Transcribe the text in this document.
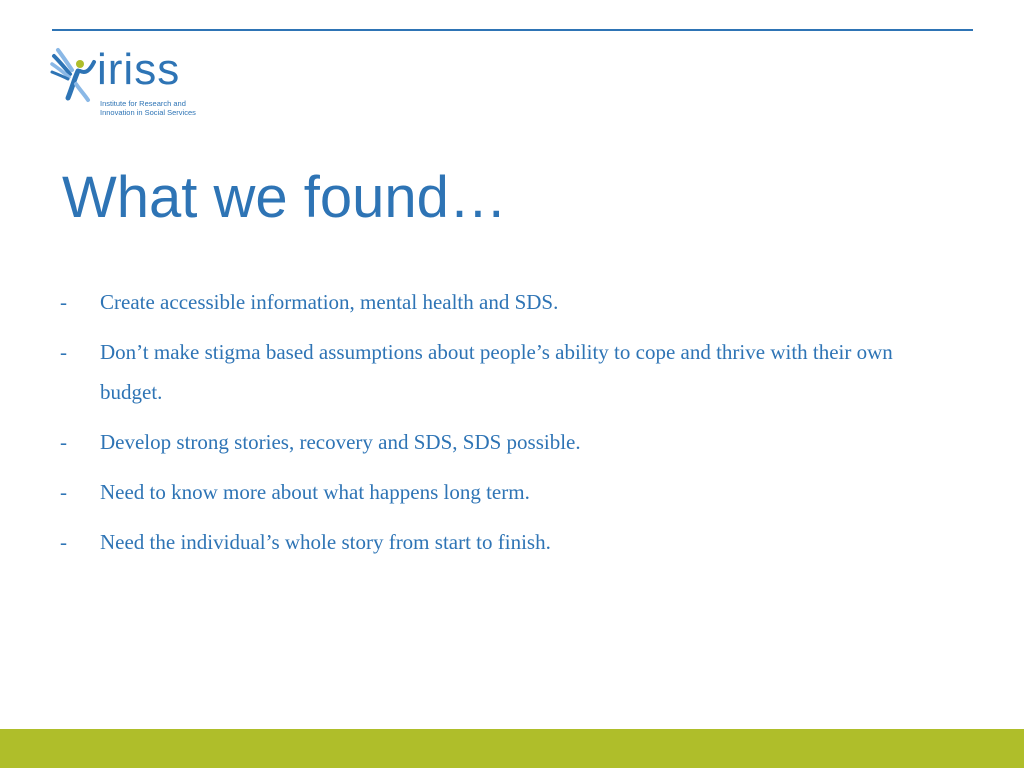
iriss
Institute for Research and Innovation in Social Services
What we found…
- Create accessible information, mental health and SDS.
- Don’t make stigma based assumptions about people’s ability to cope and thrive with their own budget.
- Develop strong stories, recovery and SDS, SDS possible.
- Need to know more about what happens long term.
- Need the individual’s whole story from start to finish.
